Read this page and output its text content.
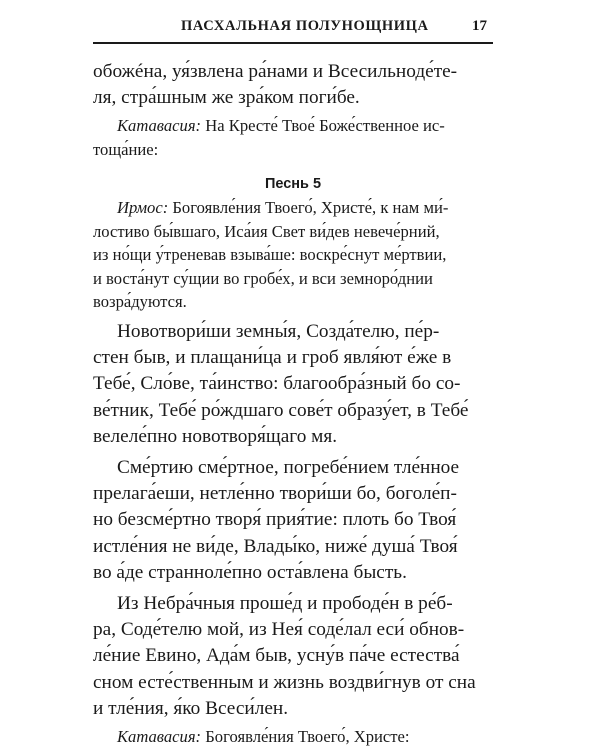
ПАСХАЛЬНАЯ ПОЛУНОЩНИЦА	17
обожéна, уя́звлена ра́нами и Всесильноде́те-
ля, стра́шным же зра́ком поги́бе.
Катавасия: На Кресте́ Твое́ Боже́ственное ис-
тоща́ние:
Песнь 5
Ирмос: Богоявле́ния Твоего́, Христе́, к нам ми́-
лостиво бы́вшаго, Иса́ия Свет ви́дев невече́рний,
из но́щи у́треневав взыва́ше: воскре́снут ме́ртвии,
и воста́нут су́щии во гробе́х, и вси земноро́днии
возра́дуются.
Новотвори́ши земны́я, Созда́телю, пе́р-
стен быв, и плащани́ца и гроб явля́ют е́же в
Тебе́, Сло́ве, та́инство: благообра́зный бо со-
ве́тник, Тебе́ ро́ждшаго сове́т образу́ет, в Тебе́
велеле́пно новотворя́щаго мя.
Сме́ртию сме́ртное, погребе́нием тле́нное
прелага́еши, нетле́нно твори́ши бо, боголе́п-
но безсме́ртно творя́ прия́тие: плоть бо Твоя́
истле́ния не ви́де, Влады́ко, ниже́ душа́ Твоя́
во а́де странноле́пно оста́влена бысть.
Из Небра́чныя проше́д и прободе́н в ре́б-
ра, Соде́телю мой, из Нея́ соде́лал еси́ обнов-
ле́ние Евино, Ада́м быв, усну́в па́че естества́
сном есте́ственным и жизнь воздви́гнув от сна
и тле́ния, я́ко Всеси́лен.
Катавасия: Богоявле́ния Твоего́, Христе:
